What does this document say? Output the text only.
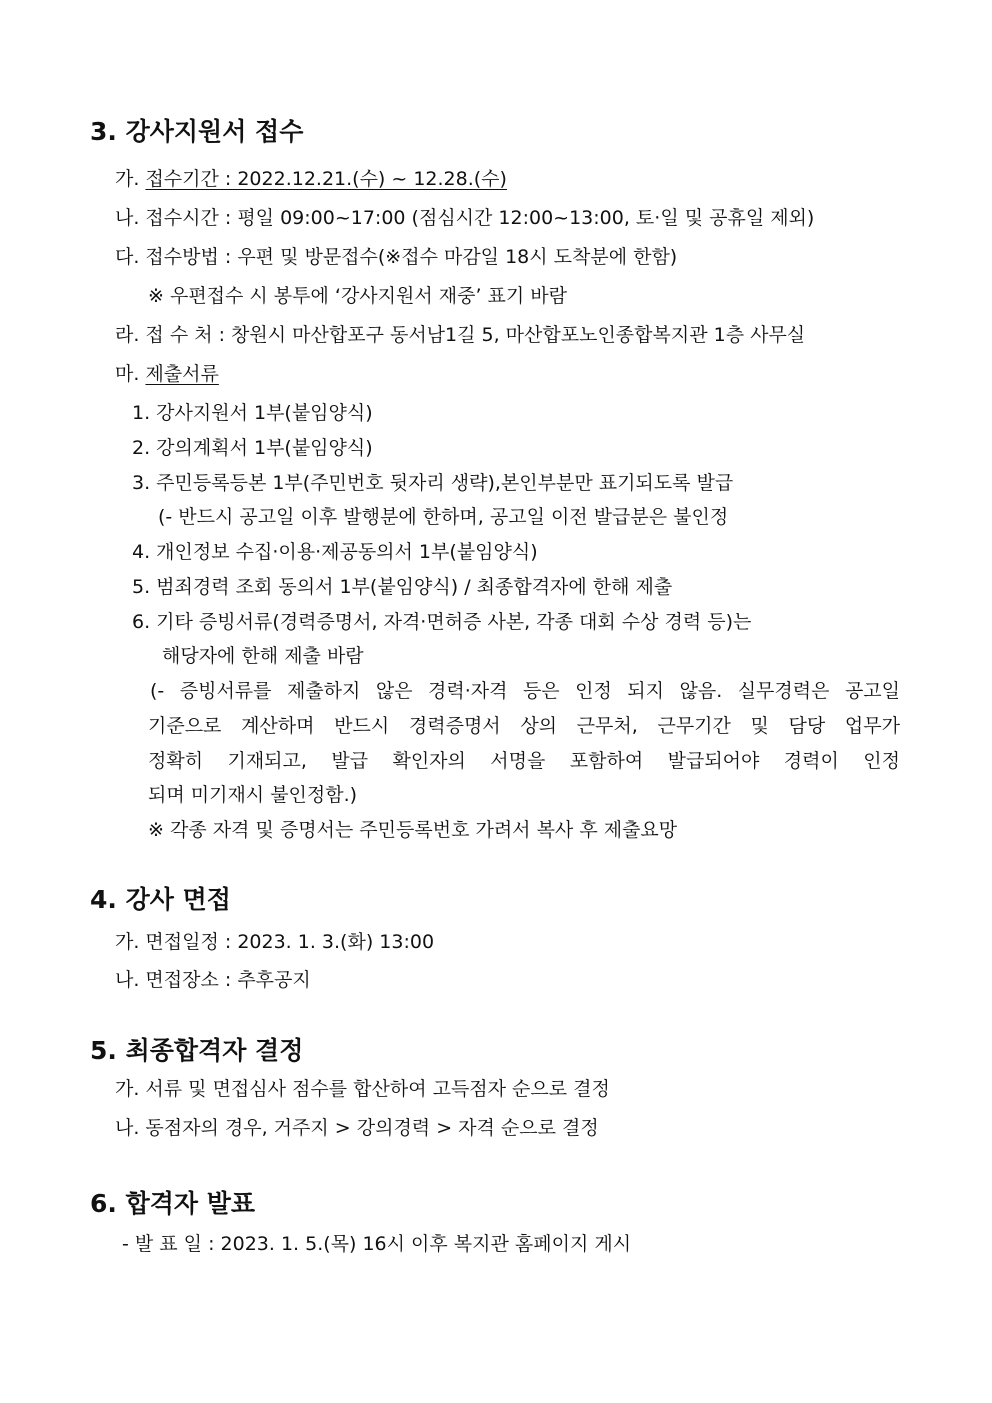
3. 강사지원서 접수
가. 접수기간 : 2022.12.21.(수) ~ 12.28.(수)
나. 접수시간 : 평일 09:00~17:00 (점심시간 12:00~13:00, 토·일 및 공휴일 제외)
다. 접수방법 : 우편 및 방문접수(※접수 마감일 18시 도착분에 한함)
※ 우편접수 시 봉투에 ‘강사지원서 재중’ 표기 바람
라. 접 수 처 : 창원시 마산합포구 동서남1길 5, 마산합포노인종합복지관 1층 사무실
마. 제출서류
1. 강사지원서 1부(붙임양식)
2. 강의계획서 1부(붙임양식)
3. 주민등록등본 1부(주민번호 뒷자리 생략),본인부분만 표기되도록 발급
(- 반드시 공고일 이후 발행분에 한하며, 공고일 이전 발급분은 불인정
4. 개인정보 수집·이용·제공동의서 1부(붙임양식)
5. 범죄경력 조회 동의서 1부(붙임양식) / 최종합격자에 한해 제출
6. 기타 증빙서류(경력증명서, 자격·면허증 사본, 각종 대회 수상 경력 등)는
해당자에 한해 제출 바람
(- 증빙서류를 제출하지 않은 경력·자격 등은 인정 되지 않음. 실무경력은 공고일
기준으로 계산하며 반드시 경력증명서 상의 근무처, 근무기간 및 담당 업무가
정확히 기재되고, 발급 확인자의 서명을 포함하여 발급되어야 경력이 인정
되며 미기재시 불인정함.)
※ 각종 자격 및 증명서는 주민등록번호 가려서 복사 후 제출요망
4. 강사 면접
가. 면접일정 : 2023. 1. 3.(화) 13:00
나. 면접장소 : 추후공지
5. 최종합격자 결정
가. 서류 및 면접심사 점수를 합산하여 고득점자 순으로 결정
나. 동점자의 경우, 거주지 > 강의경력 > 자격 순으로 결정
6. 합격자 발표
- 발 표 일 : 2023. 1. 5.(목) 16시 이후 복지관 홈페이지 게시
